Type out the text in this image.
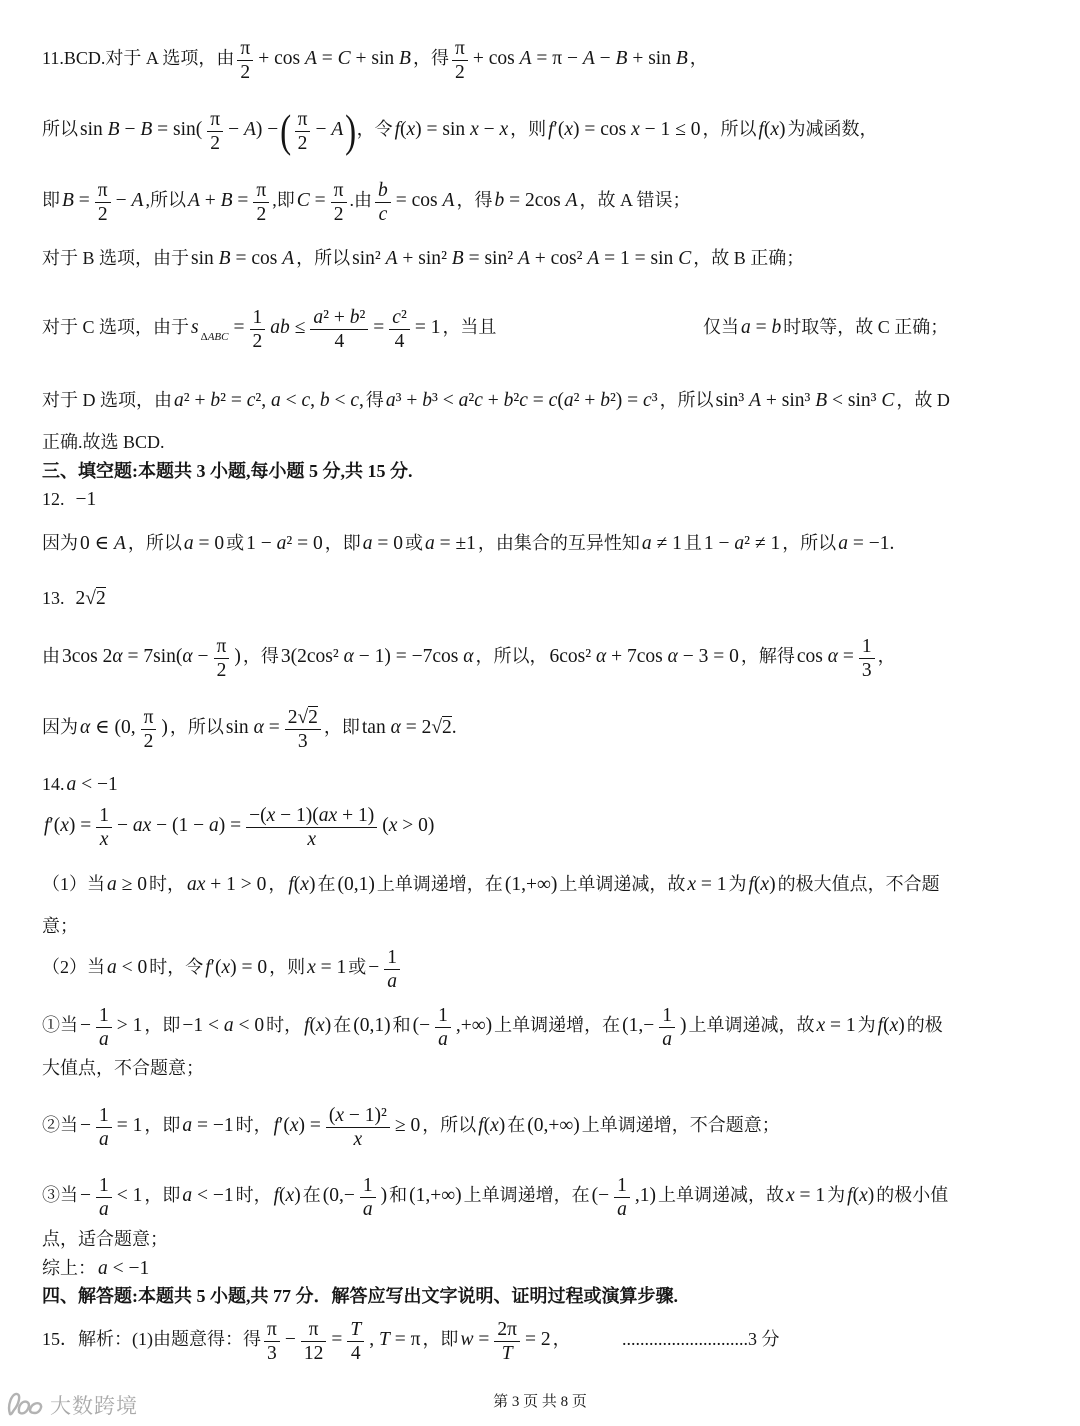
11.BCD.对于 A 选项，由 $\frac{\pi}{2} + \cos A = C + \sin B$ ，得 $\frac{\pi}{2} + \cos A = \pi - A - B + \sin B$ ，
所以 $\sin B - B = \sin( \frac{\pi}{2} - A)$ −( $\frac{\pi}{2} - A$)，令 f(x) = sin x − x ，则 f′(x) = cos x − 1 ≤ 0 ，所以 f(x) 为减函数，
即 $B = \frac{\pi}{2} - A$ ,所以 $A + B = \frac{\pi}{2}$ ,即 $C = \frac{\pi}{2}$ .由 $\frac{b}{c} = \cos A$ ，得 b = 2cos A ，故 A 错误；
对于 B 选项，由于 sin B = cos A ，所以 sin² A + sin² B = sin² A + cos² A = 1 = sin C ，故 B 正确；
对于 C 选项，由于 s $_{\Delta ABC} = \frac{1}{2}$ ab ≤ $\frac{\text{a² + b²}}{4} = \frac{\text{c²}}{4} = 1$ ，当且	仅当 a = b 时取等，故 C 正确；
对于 D 选项，由 a² + b² = c², a < c, b < c, 得 a³ + b³ < a²c + b²c = c(a² + b²) = c³ ，所以 sin³ A + sin³ B < sin³ C ，故 D
正确.故选 BCD.
三、填空题:本题共 3 小题,每小题 5 分,共 15 分.
12.  −1
因为 0 ∈ A ，所以 a = 0 或 1 − a² = 0 ，即 a = 0 或 a = ±1 ，由集合的互异性知 a ≠ 1 且 1 − a² ≠ 1 ，所以 a = −1.
13.  2√2
由 3cos $2\alpha = 7\sin(\alpha - \frac{\pi}{2}$ ) ，得 3(2cos² α − 1) = −7cos α ，所以， 6cos² α + 7cos α − 3 = 0 ，解得 $\cos \alpha = \frac{1}{3}$ ，
因为 α ∈ (0, $\frac{\pi}{2}$ ) ，所以 $\sin \alpha = \frac{2√2}{3}$ ，即 tan α = 2√2.
14. a < −1
$f'(x) = \frac{1}{x}$ − ax − $(1 - a) = \frac{-(x - 1)(ax + 1)}{x} (x > 0)$
（1）当 a ≥ 0 时， ax + 1 > 0 ， f(x) 在 (0,1) 上单调递增，在 (1,+∞) 上单调递减，故 x = 1 为 f(x) 的极大值点，不合题
意；
（2）当 a < 0 时，令 f′(x) = 0 ，则 x = 1 或 − $\frac{1}{a}$
①当 − $\frac{1}{a} > 1$ ，即 −1 < a < 0 时， f(x) 在 (0,1) 和 (− $\frac{1}{a}$ ,+∞) 上单调递增，在 ($1,- \frac{1}{a}$ ) 上单调递减，故 x = 1 为 f(x) 的极
大值点，不合题意；
②当 − $\frac{1}{a} = 1$ ，即 a = −1 时， $f'(x) = \frac{\text{(x − 1)²}}{x} \ge 0$ ，所以 f(x) 在 (0,+∞) 上单调递增，不合题意；
③当 − $\frac{1}{a} < 1$ ，即 a < −1 时， f(x) 在 ($0,- \frac{1}{a}$ ) 和 (1,+∞) 上单调递增，在 (− $\frac{1}{a} ,1$) 上单调递减，故 x = 1 为 f(x) 的极小值
点，适合题意；
综上： a < −1
四、解答题:本题共 5 小题,共 77 分．解答应写出文字说明、证明过程或演算步骤.
15．解析：(1)由题意得：得 $\frac{\pi}{3} - \frac{\pi}{12} = \frac{T}{4}$ , T = π ，即 $w = \frac{2\pi}{T} = 2$ ，	............................3 分
第 3 页 共 8 页
大数跨境
